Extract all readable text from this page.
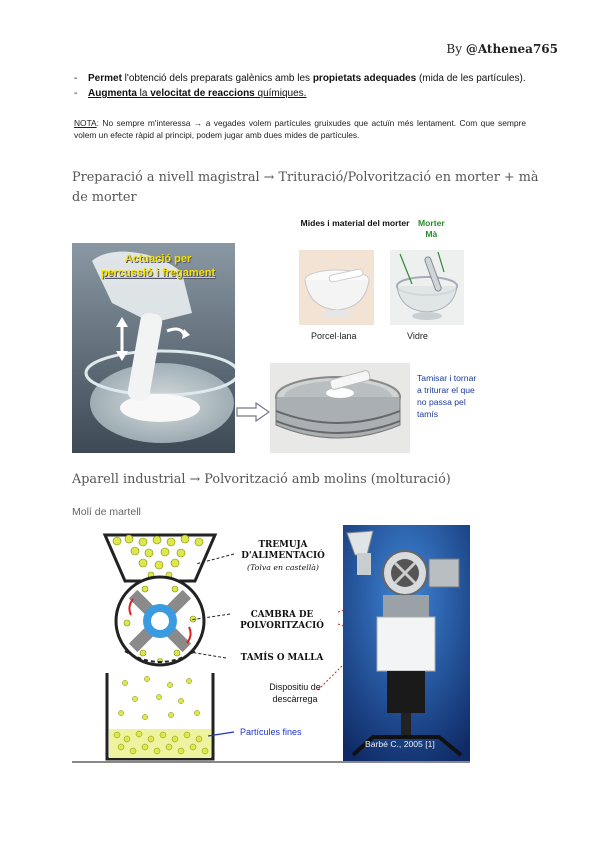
By @Athenea765
- Permet l'obtenció dels preparats galènics amb les propietats adequades (mida de les partícules).
- Augmenta la velocitat de reaccions químiques.
NOTA: No sempre m'interessa → a vegades volem partícules gruixudes que actuïn més lentament. Com que sempre volem un efecte ràpid al principi, podem jugar amb dues mides de partícules.
Preparació a nivell magistral → Trituració/Polvorització en morter + mà de morter
Actuació per
percussió i fregament
Mides i material del morter Morter
Mà
Porcel·lana	Vidre
Tamisar i tornar a triturar el que no passa pel tamís
Aparell industrial → Polvorització amb molins (molturació)
Molí de martell
TREMUJA D'ALIMENTACIÓ
(Tolva en castellà)
CAMBRA DE POLVORITZACIÓ
TAMÍS O MALLA
Dispositiu de descàrrega
Partícules fines
Barbé C., 2005 [1]
